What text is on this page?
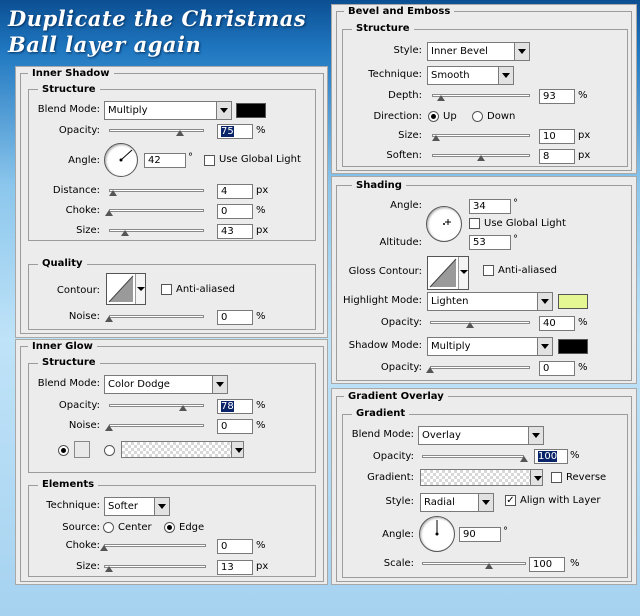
Duplicate the Christmas
Ball layer again
Inner Shadow
Structure
Blend Mode: Multiply
Opacity:	75	%
Angle:	42	°	Use Global Light
Distance:	4	px
Choke:	0	%
Size:	43	px
Quality
Contour:	Anti-aliased
Noise:	0	%
Inner Glow
Structure
Blend Mode: Color Dodge
Opacity:	78	%
Noise:	0	%
Elements
Technique: Softer
Source: Center	Edge
Choke:	0	%
Size:	13	px
Bevel and Emboss
Structure
Style: Inner Bevel
Technique: Smooth
Depth:	93	%
Direction: Up	Down
Size:	10	px
Soften:	8	px
Shading
Angle:	34	°
Use Global Light
Altitude:	53	°
Gloss Contour:	Anti-aliased
Highlight Mode: Lighten
Opacity:	40	%
Shadow Mode: Multiply
Opacity:	0	%
Gradient Overlay
Gradient
Blend Mode: Overlay
Opacity:	100	%
Gradient:	Reverse
Style:	Radial	✓ Align with Layer
Angle:	90	°
Scale:	100	%
